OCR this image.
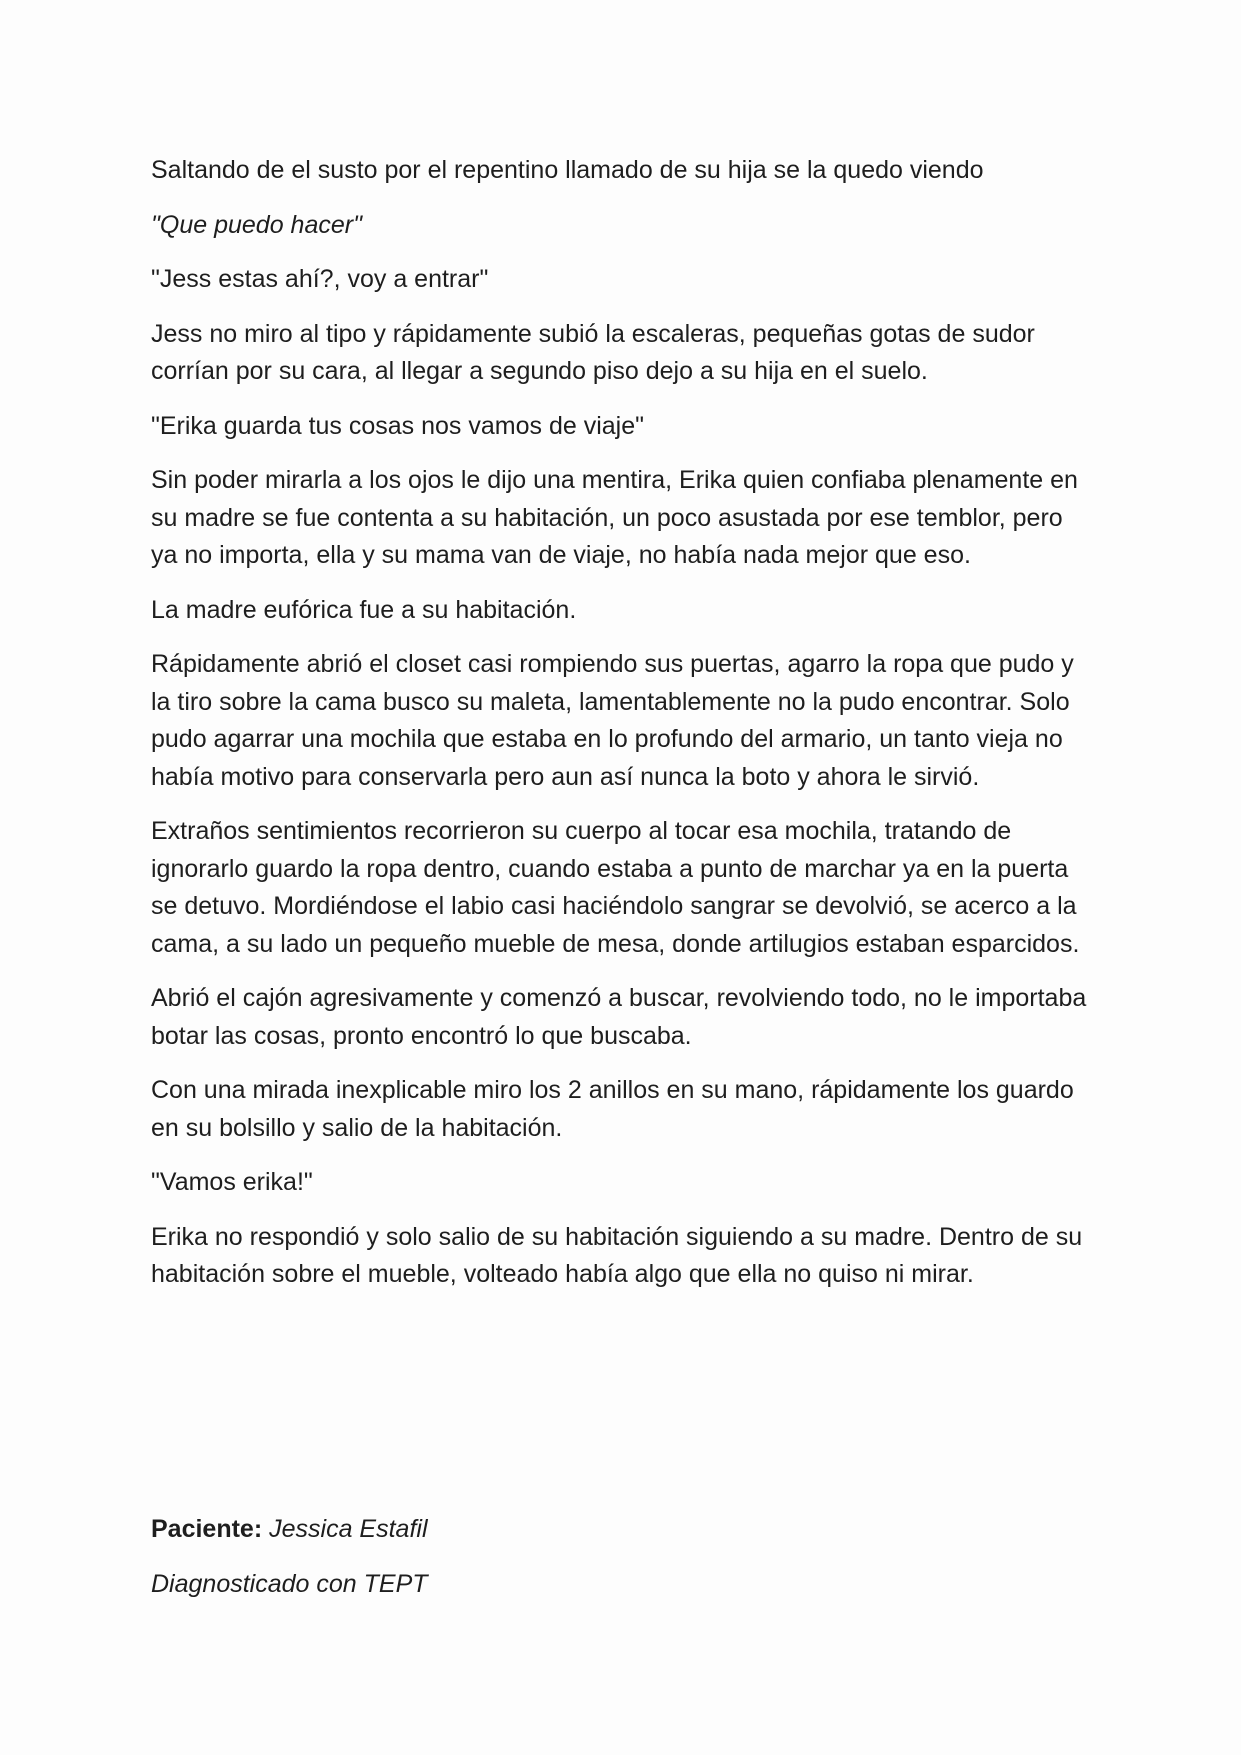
Saltando de el susto por el repentino llamado de su hija se la quedo viendo

"Que puedo hacer"

"Jess estas ahí?, voy a entrar"

Jess no miro al tipo y rápidamente subió la escaleras, pequeñas gotas de sudor corrían por su cara, al llegar a segundo piso dejo a su hija en el suelo.

"Erika guarda tus cosas nos vamos de viaje"

Sin poder mirarla a los ojos le dijo una mentira, Erika quien confiaba plenamente en su madre se fue contenta a su habitación, un poco asustada por ese temblor, pero ya no importa, ella y su mama van de viaje, no había nada mejor que eso.

La madre eufórica fue a su habitación.

Rápidamente abrió el closet casi rompiendo sus puertas, agarro la ropa que pudo y la tiro sobre la cama busco su maleta, lamentablemente no la pudo encontrar. Solo pudo agarrar una mochila que estaba en lo profundo del armario, un tanto vieja no había motivo para conservarla pero aun así nunca la boto y ahora le sirvió.

Extraños sentimientos recorrieron su cuerpo al tocar esa mochila, tratando de ignorarlo guardo la ropa dentro, cuando estaba a punto de marchar ya en la puerta se detuvo. Mordiéndose el labio casi haciéndolo sangrar se devolvió, se acerco a la cama, a su lado un pequeño mueble de mesa, donde artilugios estaban esparcidos.

Abrió el cajón agresivamente y comenzó a buscar, revolviendo todo, no le importaba botar las cosas, pronto encontró lo que buscaba.

Con una mirada inexplicable miro los 2 anillos en su mano, rápidamente los guardo en su bolsillo y salio de la habitación.

"Vamos erika!"

Erika no respondió y solo salio de su habitación siguiendo a su madre. Dentro de su habitación sobre el mueble, volteado había algo que ella no quiso ni mirar.

Paciente: Jessica Estafil

Diagnosticado con TEPT
